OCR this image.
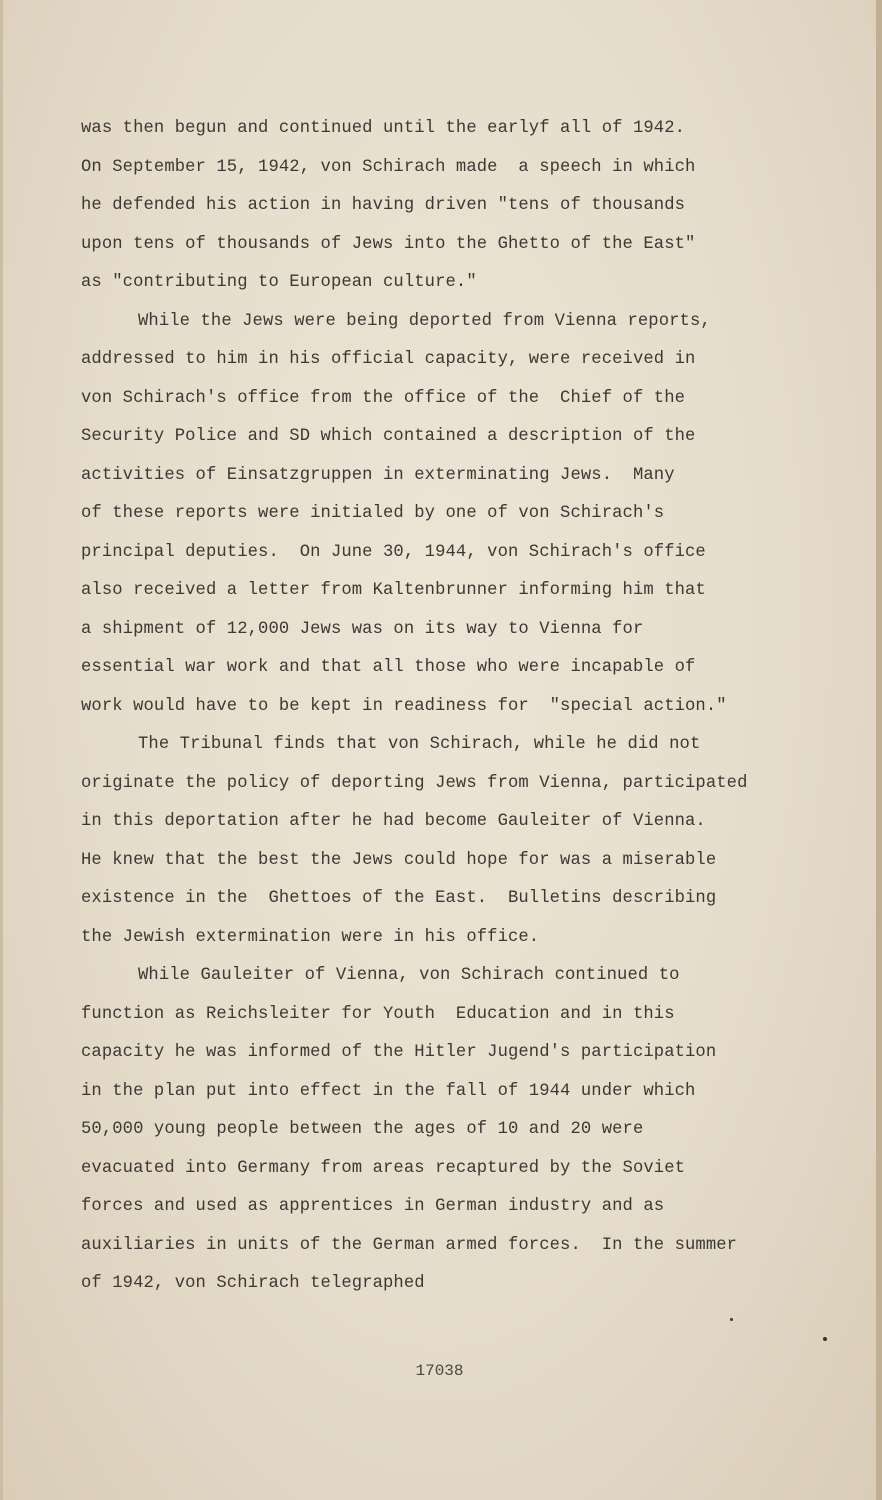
was then begun and continued until the earlyf all of 1942.
On September 15, 1942, von Schirach made  a speech in which
he defended his action in having driven "tens of thousands
upon tens of thousands of Jews into the Ghetto of the East"
as "contributing to European culture."
While the Jews were being deported from Vienna reports,
addressed to him in his official capacity, were received in
von Schirach's office from the office of the  Chief of the
Security Police and SD which contained a description of the
activities of Einsatzgruppen in exterminating Jews.  Many
of these reports were initialed by one of von Schirach's
principal deputies.  On June 30, 1944, von Schirach's office
also received a letter from Kaltenbrunner informing him that
a shipment of 12,000 Jews was on its way to Vienna for
essential war work and that all those who were incapable of
work would have to be kept in readiness for  "special action."
The Tribunal finds that von Schirach, while he did not
originate the policy of deporting Jews from Vienna, participated
in this deportation after he had become Gauleiter of Vienna.
He knew that the best the Jews could hope for was a miserable
existence in the  Ghettoes of the East.  Bulletins describing
the Jewish extermination were in his office.
While Gauleiter of Vienna, von Schirach continued to
function as Reichsleiter for Youth  Education and in this
capacity he was informed of the Hitler Jugend's participation
in the plan put into effect in the fall of 1944 under which
50,000 young people between the ages of 10 and 20 were
evacuated into Germany from areas recaptured by the Soviet
forces and used as apprentices in German industry and as
auxiliaries in units of the German armed forces.  In the summer
of 1942, von Schirach telegraphed
17038
